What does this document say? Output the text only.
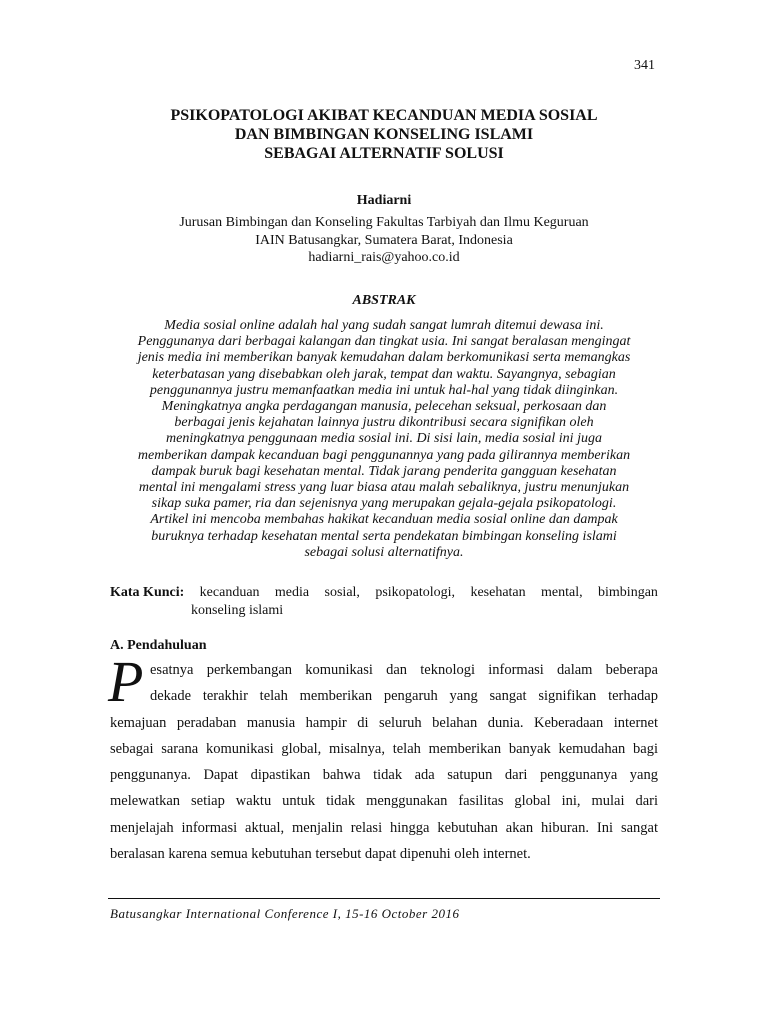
341
PSIKOPATOLOGI AKIBAT KECANDUAN MEDIA SOSIAL
DAN BIMBINGAN KONSELING ISLAMI
SEBAGAI ALTERNATIF SOLUSI
Hadiarni
Jurusan Bimbingan dan Konseling Fakultas Tarbiyah dan Ilmu Keguruan
IAIN Batusangkar, Sumatera Barat, Indonesia
hadiarni_rais@yahoo.co.id
ABSTRAK
Media sosial online adalah hal yang sudah sangat lumrah ditemui dewasa ini.
Penggunanya dari berbagai kalangan dan tingkat usia. Ini sangat beralasan mengingat
jenis media ini memberikan banyak kemudahan dalam berkomunikasi serta memangkas
keterbatasan yang disebabkan oleh jarak, tempat dan waktu. Sayangnya, sebagian
penggunannya justru memanfaatkan media ini untuk hal-hal yang tidak diinginkan.
Meningkatnya angka perdagangan manusia, pelecehan seksual, perkosaan dan
berbagai jenis kejahatan lainnya justru dikontribusi secara signifikan oleh
meningkatnya penggunaan media sosial ini. Di sisi lain, media sosial ini juga
memberikan dampak kecanduan bagi penggunannya yang pada gilirannya memberikan
dampak buruk bagi kesehatan mental. Tidak jarang penderita gangguan kesehatan
mental ini mengalami stress yang luar biasa atau malah sebaliknya, justru menunjukan
sikap suka pamer, ria dan sejenisnya yang merupakan gejala-gejala psikopatologi.
Artikel ini mencoba membahas hakikat kecanduan media sosial online dan dampak
buruknya terhadap kesehatan mental serta pendekatan bimbingan konseling islami
sebagai solusi alternatifnya.
Kata Kunci: kecanduan media sosial, psikopatologi, kesehatan mental, bimbingan
konseling islami
A. Pendahuluan
P esatnya perkembangan komunikasi dan teknologi informasi dalam beberapa
dekade terakhir telah memberikan pengaruh yang sangat signifikan terhadap
kemajuan peradaban manusia hampir di seluruh belahan dunia. Keberadaan internet
sebagai sarana komunikasi global, misalnya, telah memberikan banyak kemudahan bagi
penggunanya. Dapat dipastikan bahwa tidak ada satupun dari penggunanya yang
melewatkan setiap waktu untuk tidak menggunakan fasilitas global ini, mulai dari
menjelajah informasi aktual, menjalin relasi hingga kebutuhan akan hiburan. Ini sangat
beralasan karena semua kebutuhan tersebut dapat dipenuhi oleh internet.
Batusangkar International Conference I, 15-16 October 2016
